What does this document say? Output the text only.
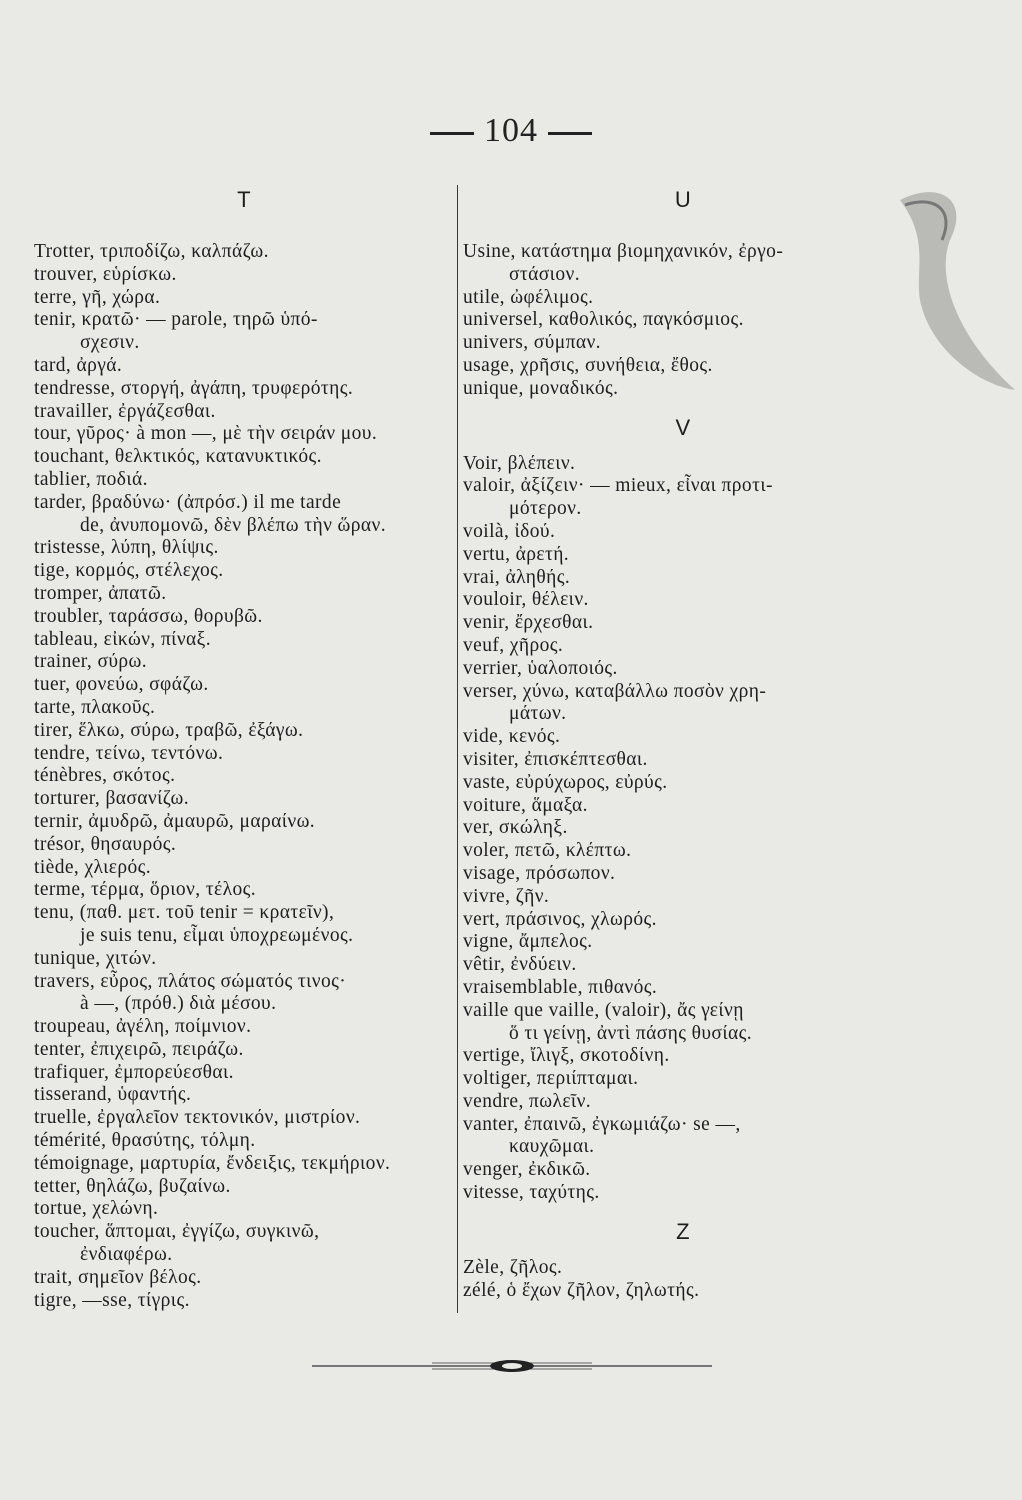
104
T
Trotter, τριποδίζω, καλπάζω.
trouver, εὑρίσκω.
terre, γῆ, χώρα.
tenir, κρατῶ· — parole, τηρῶ ὑπό-
σχεσιν.
tard, ἀργά.
tendresse, στοργή, ἀγάπη, τρυφερότης.
travailler, ἐργάζεσθαι.
tour, γῦρος· à mon —, μὲ τὴν σειράν μου.
touchant, θελκτικός, κατανυκτικός.
tablier, ποδιά.
tarder, βραδύνω· (ἀπρόσ.) il me tarde
de, ἀνυπομονῶ, δὲν βλέπω τὴν ὥραν.
tristesse, λύπη, θλίψις.
tige, κορμός, στέλεχος.
tromper, ἀπατῶ.
troubler, ταράσσω, θορυβῶ.
tableau, εἰκών, πίναξ.
trainer, σύρω.
tuer, φονεύω, σφάζω.
tarte, πλακοῦς.
tirer, ἕλκω, σύρω, τραβῶ, ἐξάγω.
tendre, τείνω, τεντόνω.
ténèbres, σκότος.
torturer, βασανίζω.
ternir, ἀμυδρῶ, ἀμαυρῶ, μαραίνω.
trésor, θησαυρός.
tiède, χλιερός.
terme, τέρμα, ὅριον, τέλος.
tenu, (παθ. μετ. τοῦ tenir = κρατεῖν),
je suis tenu, εἶμαι ὑποχρεωμένος.
tunique, χιτών.
travers, εὖρος, πλάτος σώματός τινος·
à —, (πρόθ.) διὰ μέσου.
troupeau, ἀγέλη, ποίμνιον.
tenter, ἐπιχειρῶ, πειράζω.
trafiquer, ἐμπορεύεσθαι.
tisserand, ὑφαντής.
truelle, ἐργαλεῖον τεκτονικόν, μιστρίον.
témérité, θρασύτης, τόλμη.
témoignage, μαρτυρία, ἔνδειξις, τεκμήριον.
tetter, θηλάζω, βυζαίνω.
tortue, χελώνη.
toucher, ἅπτομαι, ἐγγίζω, συγκινῶ,
ἐνδιαφέρω.
trait, σημεῖον βέλος.
tigre, —sse, τίγρις.
U
Usine, κατάστημα βιομηχανικόν, ἐργο-
στάσιον.
utile, ὠφέλιμος.
universel, καθολικός, παγκόσμιος.
univers, σύμπαν.
usage, χρῆσις, συνήθεια, ἔθος.
unique, μοναδικός.
V
Voir, βλέπειν.
valoir, ἀξίζειν· — mieux, εἶναι προτι-
μότερον.
voilà, ἰδού.
vertu, ἀρετή.
vrai, ἀληθής.
vouloir, θέλειν.
venir, ἔρχεσθαι.
veuf, χῆρος.
verrier, ὑαλοποιός.
verser, χύνω, καταβάλλω ποσὸν χρη-
μάτων.
vide, κενός.
visiter, ἐπισκέπτεσθαι.
vaste, εὐρύχωρος, εὐρύς.
voiture, ἅμαξα.
ver, σκώληξ.
voler, πετῶ, κλέπτω.
visage, πρόσωπον.
vivre, ζῆν.
vert, πράσινος, χλωρός.
vigne, ἄμπελος.
vêtir, ἐνδύειν.
vraisemblable, πιθανός.
vaille que vaille, (valoir), ἄς γείνῃ
ὅ τι γείνῃ, ἀντὶ πάσης θυσίας.
vertige, ἴλιγξ, σκοτοδίνη.
voltiger, περιίπταμαι.
vendre, πωλεῖν.
vanter, ἐπαινῶ, ἐγκωμιάζω· se —,
καυχῶμαι.
venger, ἐκδικῶ.
vitesse, ταχύτης.
Z
Zèle, ζῆλος.
zélé, ὁ ἔχων ζῆλον, ζηλωτής.
